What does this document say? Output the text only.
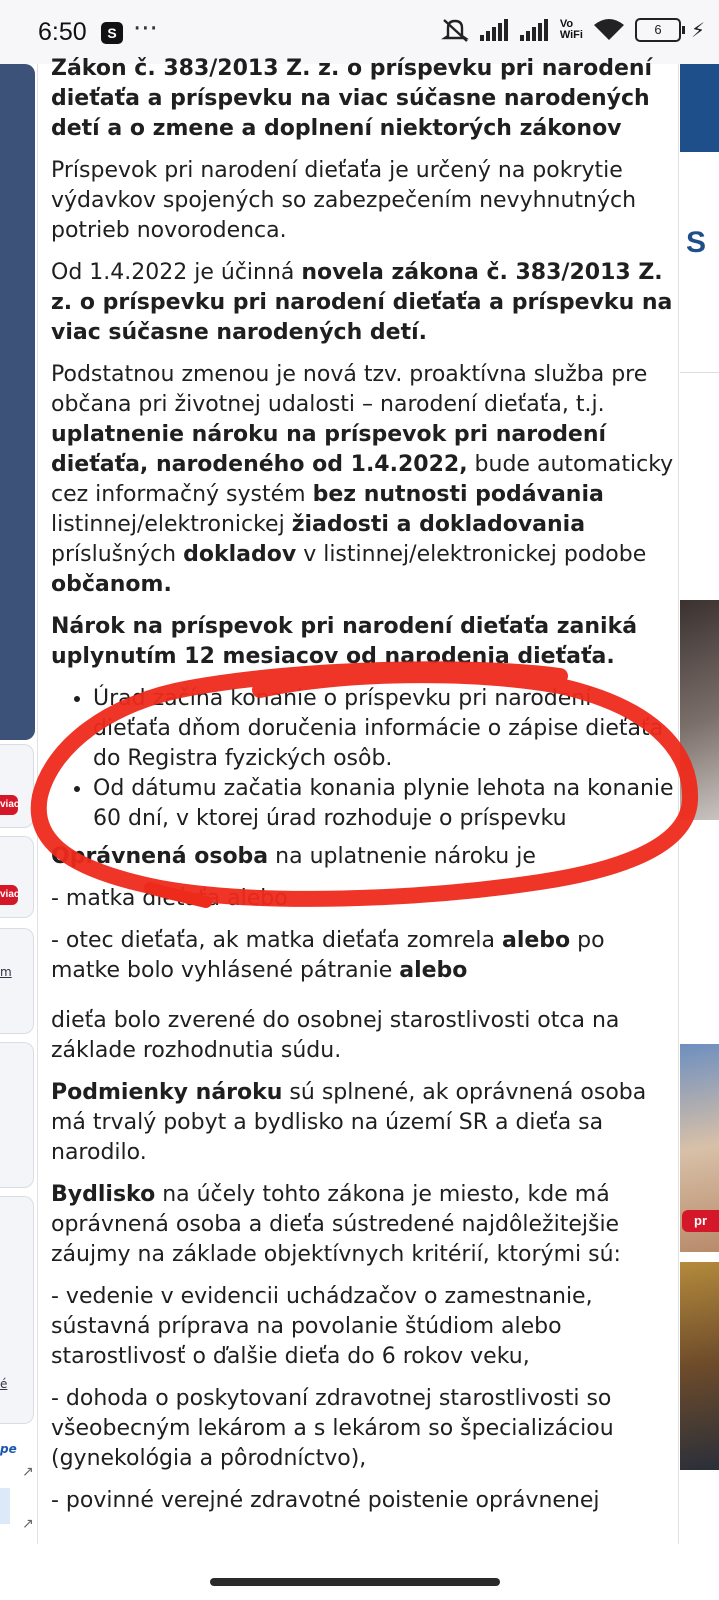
6:50	S ···	Vo
WiFi	6	⚡
viac
viac
m
é
pe
↗
↗
S
pr

Zákon č. 383/2013 Z. z. o príspevku pri narodení dieťaťa a príspevku na viac súčasne narodených detí a o zmene a doplnení niektorých zákonov

Príspevok pri narodení dieťaťa je určený na pokrytie výdavkov spojených so zabezpečením nevyhnutných potrieb novorodenca.

Od 1.4.2022 je účinná novela zákona č. 383/2013 Z. z. o príspevku pri narodení dieťaťa a príspevku na viac súčasne narodených detí.

Podstatnou zmenou je nová tzv. proaktívna služba pre občana pri životnej udalosti – narodení dieťaťa, t.j. uplatnenie nároku na príspevok pri narodení dieťaťa, narodeného od 1.4.2022, bude automaticky cez informačný systém bez nutnosti podávania listinnej/elektronickej žiadosti a dokladovania príslušných dokladov v listinnej/elektronickej podobe občanom.

Nárok na príspevok pri narodení dieťaťa zaniká uplynutím 12 mesiacov od narodenia dieťaťa.

• Úrad začína konanie o príspevku pri narodení dieťaťa dňom doručenia informácie o zápise dieťaťa do Registra fyzických osôb.
• Od dátumu začatia konania plynie lehota na konanie 60 dní, v ktorej úrad rozhoduje o príspevku

Oprávnená osoba na uplatnenie nároku je

- matka dieťaťa alebo

- otec dieťaťa, ak matka dieťaťa zomrela alebo po matke bolo vyhlásené pátranie alebo

dieťa bolo zverené do osobnej starostlivosti otca na základe rozhodnutia súdu.

Podmienky nároku sú splnené, ak oprávnená osoba má trvalý pobyt a bydlisko na území SR a dieťa sa narodilo.

Bydlisko na účely tohto zákona je miesto, kde má oprávnená osoba a dieťa sústredené najdôležitejšie záujmy na základe objektívnych kritérií, ktorými sú:

- vedenie v evidencii uchádzačov o zamestnanie, sústavná príprava na povolanie štúdiom alebo starostlivosť o ďalšie dieťa do 6 rokov veku,

- dohoda o poskytovaní zdravotnej starostlivosti so všeobecným lekárom a s lekárom so špecializáciou (gynekológia a pôrodníctvo),

- povinné verejné zdravotné poistenie oprávnenej
